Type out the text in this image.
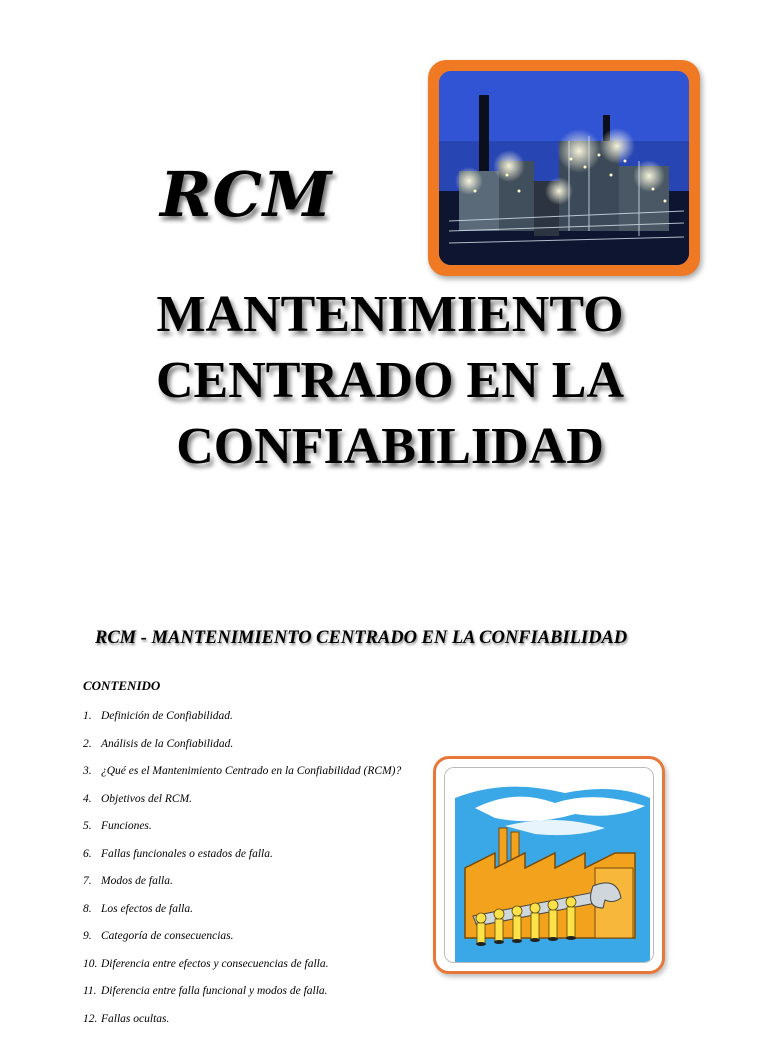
RCM
MANTENIMIENTO
CENTRADO EN LA
CONFIABILIDAD
RCM - MANTENIMIENTO CENTRADO EN LA CONFIABILIDAD

CONTENIDO

1. Definición de Confiabilidad.
2. Análisis de la Confiabilidad.
3. ¿Qué es el Mantenimiento Centrado en la Confiabilidad (RCM)?
4. Objetivos del RCM.
5. Funciones.
6. Fallas funcionales o estados de falla.
7. Modos de falla.
8. Los efectos de falla.
9. Categoría de consecuencias.
10. Diferencia entre efectos y consecuencias de falla.
11. Diferencia entre falla funcional y modos de falla.
12. Fallas ocultas.
